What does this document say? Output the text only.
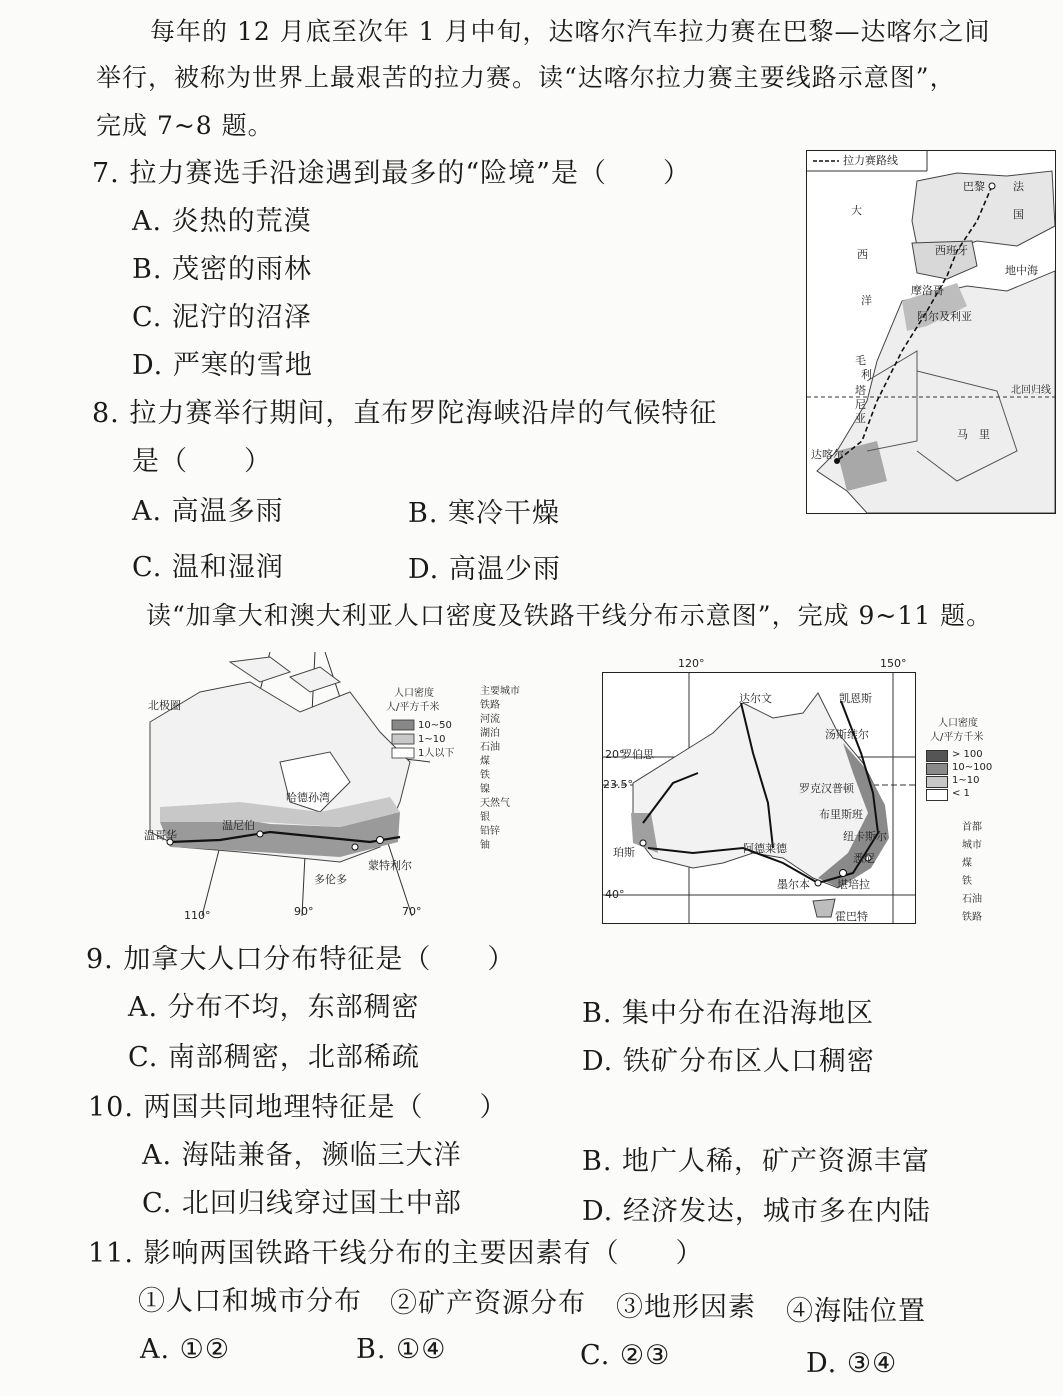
每年的 12 月底至次年 1 月中旬，达喀尔汽车拉力赛在巴黎—达喀尔之间
举行，被称为世界上最艰苦的拉力赛。读“达喀尔拉力赛主要线路示意图”，
完成 7~8 题。
7. 拉力赛选手沿途遇到最多的“险境”是（　　）
A. 炎热的荒漠
B. 茂密的雨林
C. 泥泞的沼泽
D. 严寒的雪地
8. 拉力赛举行期间，直布罗陀海峡沿岸的气候特征
是（　　）
A. 高温多雨	B. 寒冷干燥
C. 温和湿润	D. 高温少雨
拉力赛路线
巴黎	法
国
大
西
洋
西班牙
地中海
摩洛哥
阿尔及利亚
毛
利
塔
尼
亚
马　里
北回归线
达喀尔
读“加拿大和澳大利亚人口密度及铁路干线分布示意图”，完成 9~11 题。
北极圈
哈德孙湾
温尼伯
温哥华
蒙特利尔
多伦多
110°	90°	70°
人口密度
人/平方千米
10~50
1~10
1人以下
主要城市
铁路
河流
湖泊
石油
煤
铁
镍
天然气
银
铅锌
铀
达尔文	凯恩斯
汤斯维尔
罗伯思
罗克汉普顿
布里斯班
纽卡斯尔
悉尼
珀斯	阿德莱德
墨尔本 堪培拉
霍巴特
20°
23.5°
40°
120°	150°
人口密度
人/平方千米
> 100
10~100
1~10
< 1
首都
城市
煤
铁
石油
铁路
9. 加拿大人口分布特征是（　　）
A. 分布不均，东部稠密	B. 集中分布在沿海地区
C. 南部稠密，北部稀疏	D. 铁矿分布区人口稠密
10. 两国共同地理特征是（　　）
A. 海陆兼备，濒临三大洋	B. 地广人稀，矿产资源丰富
C. 北回归线穿过国土中部	D. 经济发达，城市多在内陆
11. 影响两国铁路干线分布的主要因素有（　　）
①人口和城市分布 ②矿产资源分布 ③地形因素 ④海陆位置
A. ①②	B. ①④	C. ②③	D. ③④
